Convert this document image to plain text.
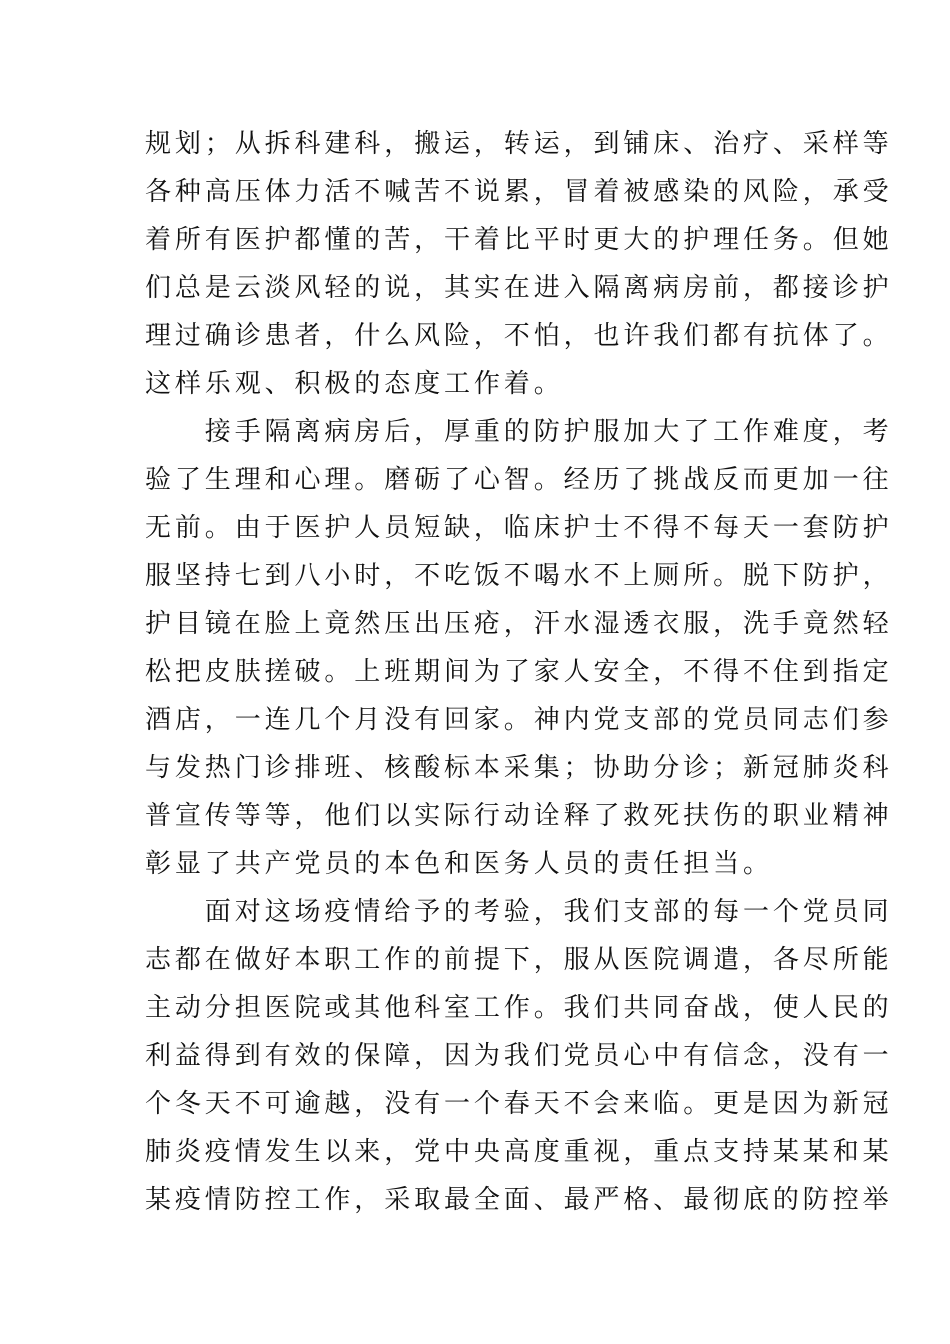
规划；从拆科建科，搬运，转运，到铺床、治疗、采样等
各种高压体力活不喊苦不说累，冒着被感染的风险，承受
着所有医护都懂的苦，干着比平时更大的护理任务。但她
们总是云淡风轻的说，其实在进入隔离病房前，都接诊护
理过确诊患者，什么风险，不怕，也许我们都有抗体了。
这样乐观、积极的态度工作着。
　　接手隔离病房后，厚重的防护服加大了工作难度，考
验了生理和心理。磨砺了心智。经历了挑战反而更加一往
无前。由于医护人员短缺，临床护士不得不每天一套防护
服坚持七到八小时，不吃饭不喝水不上厕所。脱下防护，
护目镜在脸上竟然压出压疮，汗水湿透衣服，洗手竟然轻
松把皮肤搓破。上班期间为了家人安全，不得不住到指定
酒店，一连几个月没有回家。神内党支部的党员同志们参
与发热门诊排班、核酸标本采集；协助分诊；新冠肺炎科
普宣传等等，他们以实际行动诠释了救死扶伤的职业精神
彰显了共产党员的本色和医务人员的责任担当。
　　面对这场疫情给予的考验，我们支部的每一个党员同
志都在做好本职工作的前提下，服从医院调遣，各尽所能
主动分担医院或其他科室工作。我们共同奋战，使人民的
利益得到有效的保障，因为我们党员心中有信念，没有一
个冬天不可逾越，没有一个春天不会来临。更是因为新冠
肺炎疫情发生以来，党中央高度重视，重点支持某某和某
某疫情防控工作，采取最全面、最严格、最彻底的防控举
